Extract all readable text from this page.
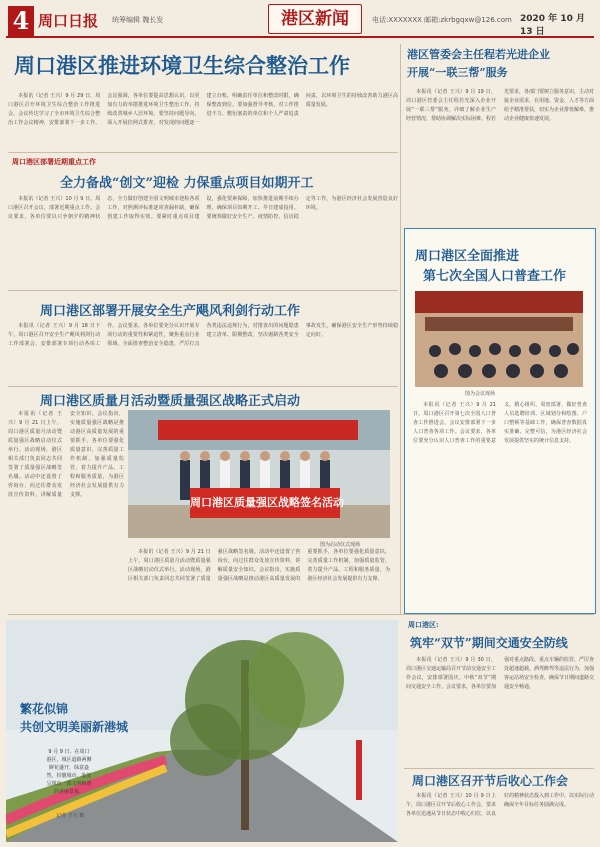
4 周口日报 统筹编辑 魏长发	港区新闻	电话:XXXXXXX 邮箱:zkrbgqxw@126.com 2020 年 10 月 13 日
周口港区推进环境卫生综合整治工作

本报讯（记者 王兴）9 月 29 日，周口港区召开环境卫生综合整治工作推进会，会议传达学习了全市环境卫生综合整治工作会议精神，安排部署下一步工作。会议强调，各单位要提高思想认识，以更加有力的举措推进环境卫生整治工作，持续改善城乡人居环境。要坚持问题导向，深入开展拉网式排查，对发现的问题逐一建立台账，明确责任单位和整改时限，确保整改到位。要加强督导考核，对工作推进不力、敷衍塞责的单位和个人严肃追责问责，以环境卫生的持续改善助力港区高质量发展。

周口港区部署近期重点工作
全力备战“创文”迎检 力保重点项目如期开工

本报讯（记者 王兴）10 月 9 日，周口港区召开会议，部署近期重点工作。会议要求，各单位要以只争朝夕的精神状态，全力做好创建全国文明城市迎检各项工作，对照测评标准逐项查漏补缺，确保创建工作取得实效。要紧盯重点项目建设，强化要素保障，加快推进前期手续办理，确保项目如期开工、早日建成投用。要统筹做好安全生产、疫情防控、信访稳定等工作，为港区经济社会发展营造良好环境。

周口港区部署开展安全生产飓风利剑行动工作

本报讯（记者 王兴）9 月 18 日下午，周口港区召开安全生产飓风利剑行动工作部署会，安排部署专项行动各项工作。会议要求，各单位要充分认识开展专项行动的重要性和紧迫性，聚焦重点行业领域，全面排查整治安全隐患，严厉打击各类违法违规行为，对排查出的问题隐患建立清单、限期整改，坚决遏制各类安全事故发生，确保港区安全生产形势持续稳定向好。

周口港区质量月活动暨质量强区战略正式启动

本报讯（记者 王兴）9 月 21 日上午，周口港区质量月活动暨质量强区战略启动仪式举行。活动现场，港区相关部门负责同志共同签署了质量强区战略签名墙。活动中还设置了咨询台，向过往群众发放宣传资料，讲解质量安全知识。会议指出，实施质量强区战略是推动港区高质量发展的重要抓手，各单位要强化质量意识，完善质量工作机制，加强质量监管，着力提升产品、工程和服务质量，为港区经济社会发展提供有力支撑。

周口港区质量强区战略签名活动
图为启动仪式现场

本报讯（记者 王兴）9 月 21 日上午，周口港区质量月活动暨质量强区战略启动仪式举行。活动现场，港区相关部门负责同志共同签署了质量强区战略签名墙。活动中还设置了咨询台，向过往群众发放宣传资料，讲解质量安全知识。会议指出，实施质量强区战略是推动港区高质量发展的重要抓手，各单位要强化质量意识，完善质量工作机制，加强质量监管，着力提升产品、工程和服务质量，为港区经济社会发展提供有力支撑。

港区管委会主任程若光进企业
开展“一联三帮”服务

本报讯（记者 王兴）9 月 19 日，周口港区管委会主任程若光深入企业开展“一联三帮”服务，详细了解企业生产经营情况，帮助协调解决实际困难。程若光要求，各部门要树立服务意识，主动对接企业需求，在用地、资金、人才等方面给予精准帮扶，切实为企业排忧解难，推动企业健康快速发展。

周口港区全面推进
第七次全国人口普查工作
图为会议现场

本报讯（记者 王兴）9 月 21 日，周口港区召开第七次全国人口普查工作推进会，会议安排部署下一步人口普查各项工作。会议要求，各单位要充分认识人口普查工作的重要意义，精心组织、周密部署，做好普查人员选聘培训、区域划分和绘图、户口整顿等基础工作，确保普查数据真实准确、完整可信，为港区经济社会发展提供坚实的统计信息支持。

繁花似锦
共创文明美丽新港城
9 月 9 日，在周口港区，城区道路两侧鲜花盛开，绿意盎然，扮靓城市，处处呈现出一派文明和谐的美丽景象。
记者 王兴 摄
周口港区:
筑牢“双节”期间交通安全防线

本报讯（记者 王兴）9 月 30 日，周口港区交通运输局召开节前交通安全工作会议，安排部署国庆、中秋“双节”期间交通安全工作。会议要求，各单位要加强对重点路段、重点车辆的监管，严厉查处超速超载、酒驾醉驾等违法行为，加强客运站场安全检查，确保节日期间道路交通安全畅通。

周口港区召开节后收心工作会

本报讯（记者 王兴）10 月 9 日上午，周口港区召开节后收心工作会，要求各单位迅速从节日状态中收心归位，以良好的精神状态投入到工作中，以实际行动确保全年目标任务圆满完成。
